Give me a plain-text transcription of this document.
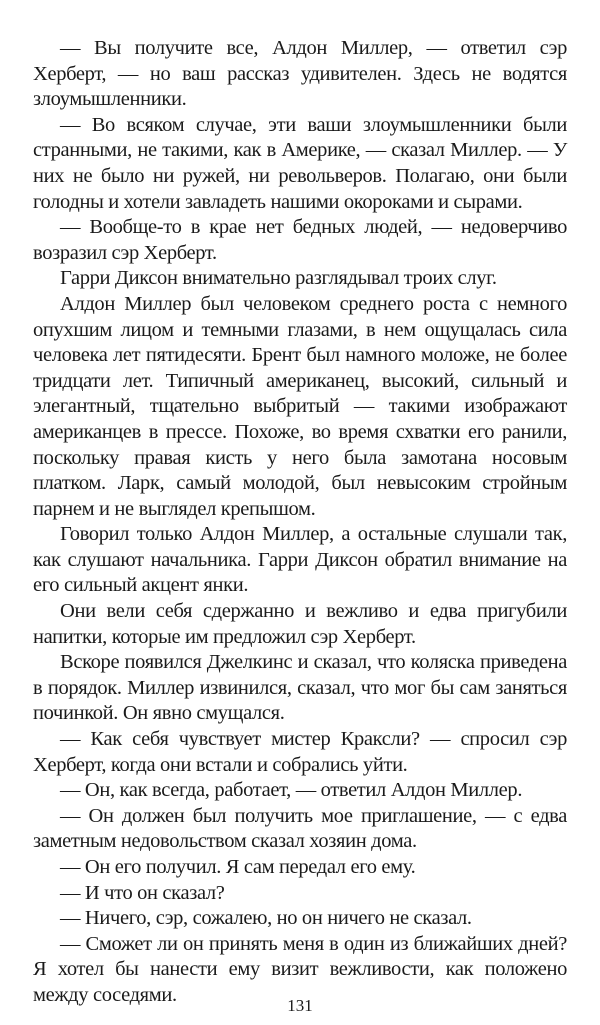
— Вы получите все, Алдон Миллер, — ответил сэр Херберт, — но ваш рассказ удивителен. Здесь не водятся злоумышленники.

— Во всяком случае, эти ваши злоумышленники были странными, не такими, как в Америке, — сказал Миллер. — У них не было ни ружей, ни револьверов. Полагаю, они были голодны и хотели завладеть нашими окороками и сырами.

— Вообще-то в крае нет бедных людей, — недоверчиво возразил сэр Херберт.

Гарри Диксон внимательно разглядывал троих слуг.

Алдон Миллер был человеком среднего роста с немного опухшим лицом и темными глазами, в нем ощущалась сила человека лет пятидесяти. Брент был намного моложе, не более тридцати лет. Типичный американец, высокий, сильный и элегантный, тщательно выбритый — такими изображают американцев в прессе. Похоже, во время схватки его ранили, поскольку правая кисть у него была замотана носовым платком. Ларк, самый молодой, был невысоким стройным парнем и не выглядел крепышом.

Говорил только Алдон Миллер, а остальные слушали так, как слушают начальника. Гарри Диксон обратил внимание на его сильный акцент янки.

Они вели себя сдержанно и вежливо и едва пригубили напитки, которые им предложил сэр Херберт.

Вскоре появился Джелкинс и сказал, что коляска приведена в порядок. Миллер извинился, сказал, что мог бы сам заняться починкой. Он явно смущался.

— Как себя чувствует мистер Краксли? — спросил сэр Херберт, когда они встали и собрались уйти.

— Он, как всегда, работает, — ответил Алдон Миллер.

— Он должен был получить мое приглашение, — с едва заметным недовольством сказал хозяин дома.

— Он его получил. Я сам передал его ему.

— И что он сказал?

— Ничего, сэр, сожалею, но он ничего не сказал.

— Сможет ли он принять меня в один из ближайших дней? Я хотел бы нанести ему визит вежливости, как положено между соседями.	131
